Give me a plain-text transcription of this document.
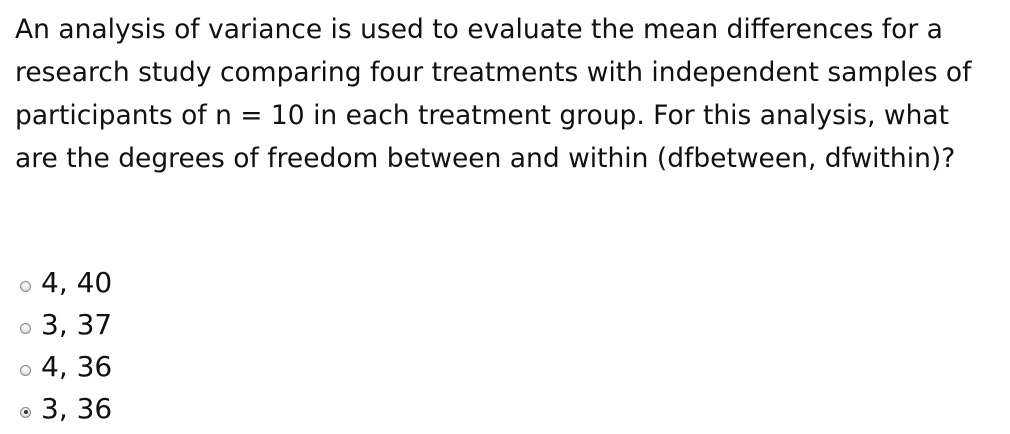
An analysis of variance is used to evaluate the mean differences for a research study comparing four treatments with independent samples of participants of n = 10 in each treatment group. For this analysis, what are the degrees of freedom between and within (dfbetween, dfwithin)?

4, 40
3, 37
4, 36
3, 36
